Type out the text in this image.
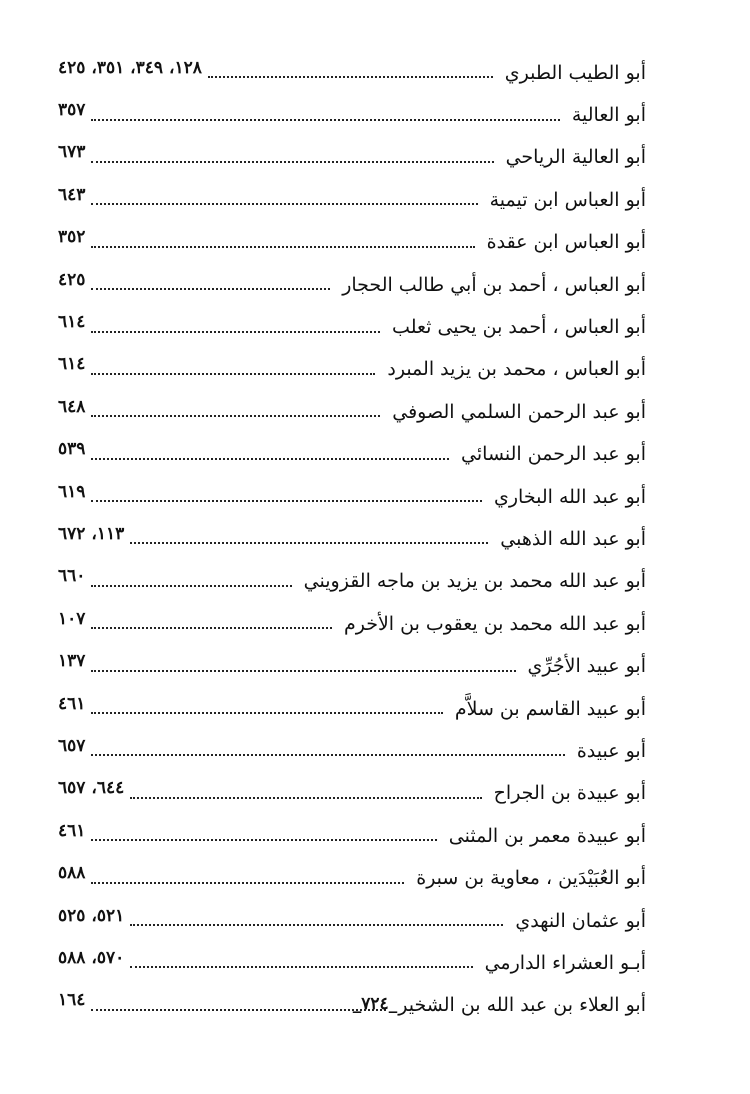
أبو الطيب الطبري
١٢٨، ٣٤٩، ٣٥١، ٤٢٥
أبو العالية
٣٥٧
أبو العالية الرياحي
٦٧٣
أبو العباس ابن تيمية
٦٤٣
أبو العباس ابن عقدة
٣٥٢
أبو العباس ، أحمد بن أبي طالب الحجار
٤٢٥
أبو العباس ، أحمد بن يحيى ثعلب
٦١٤
أبو العباس ، محمد بن يزيد المبرد
٦١٤
أبو عبد الرحمن السلمي الصوفي
٦٤٨
أبو عبد الرحمن النسائي
٥٣٩
أبو عبد الله البخاري
٦١٩
أبو عبد الله الذهبي
١١٣، ٦٧٢
أبو عبد الله محمد بن يزيد بن ماجه القزويني
٦٦٠
أبو عبد الله محمد بن يعقوب بن الأخرم
١٠٧
أبو عبيد الأجُرِّي
١٣٧
أبو عبيد القاسم بن سلاَّم
٤٦١
أبو عبيدة
٦٥٧
أبو عبيدة بن الجراح
٦٤٤، ٦٥٧
أبو عبيدة معمر بن المثنى
٤٦١
أبو العُبَيْدَين ، معاوية بن سبرة
٥٨٨
أبو عثمان النهدي
٥٢١، ٥٢٥
أبـو العشراء الدارمي
٥٧٠، ٥٨٨
أبو العلاء بن عبد الله بن الشخير
١٦٤	_٧٢٤_
